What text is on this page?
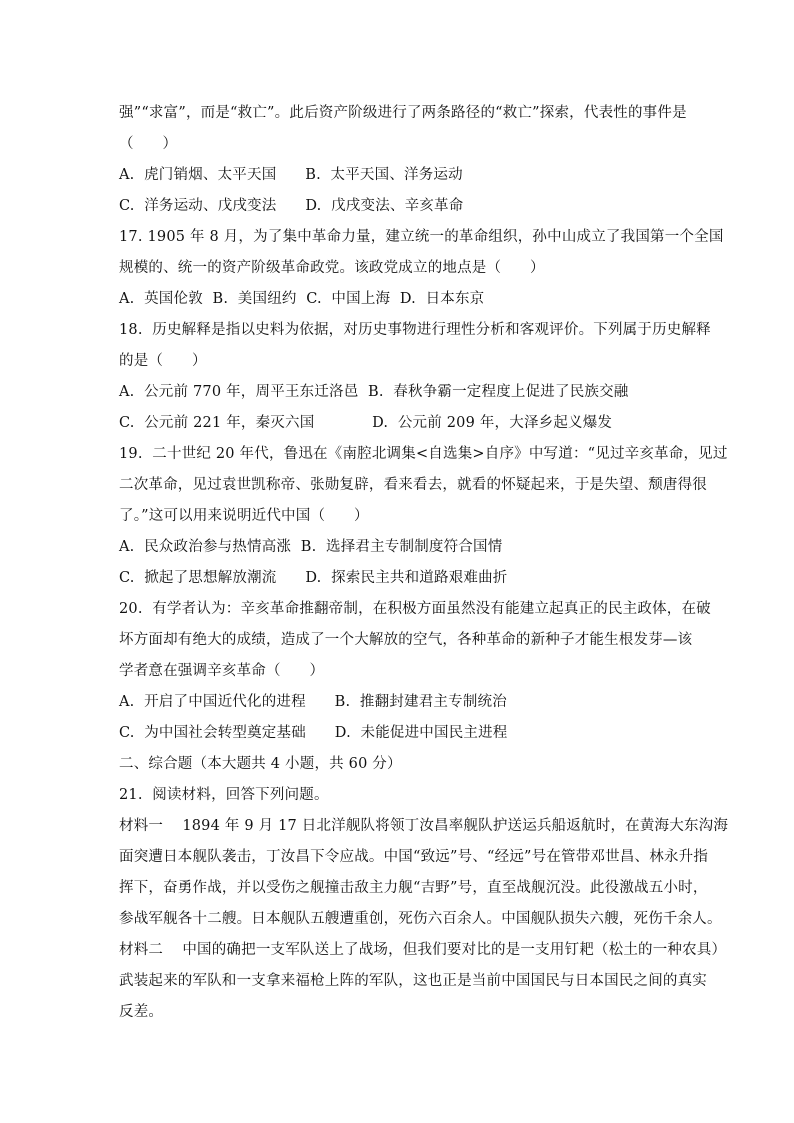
强”“求富”，而是“救亡”。此后资产阶级进行了两条路径的“救亡”探索，代表性的事件是
（      ）
A.  虎门销烟、太平天国      B.  太平天国、洋务运动
C.  洋务运动、戊戌变法      D.  戊戌变法、辛亥革命
17. 1905 年 8 月，为了集中革命力量，建立统一的革命组织，孙中山成立了我国第一个全国
规模的、统一的资产阶级革命政党。该政党成立的地点是（      ）
A.  英国伦敦  B.  美国纽约  C.  中国上海  D.  日本东京
18.  历史解释是指以史料为依据，对历史事物进行理性分析和客观评价。下列属于历史解释
的是（      ）
A.  公元前 770 年，周平王东迁洛邑  B.  春秋争霸一定程度上促进了民族交融
C.  公元前 221 年，秦灭六国            D.  公元前 209 年，大泽乡起义爆发
19.  二十世纪 20 年代，鲁迅在《南腔北调集<自选集>自序》中写道：“见过辛亥革命，见过
二次革命，见过袁世凯称帝、张勋复辟，看来看去，就看的怀疑起来，于是失望、颓唐得很
了。”这可以用来说明近代中国（      ）
A.  民众政治参与热情高涨  B.  选择君主专制制度符合国情
C.  掀起了思想解放潮流      D.  探索民主共和道路艰难曲折
20.  有学者认为：辛亥革命推翻帝制，在积极方面虽然没有能建立起真正的民主政体，在破
坏方面却有绝大的成绩，造成了一个大解放的空气，各种革命的新种子才能生根发芽—该
学者意在强调辛亥革命（      ）
A.  开启了中国近代化的进程      B.  推翻封建君主专制统治
C.  为中国社会转型奠定基础      D.  未能促进中国民主进程
二、综合题（本大题共 4 小题，共 60 分）
21.  阅读材料，回答下列问题。
材料一    1894 年 9 月 17 日北洋舰队将领丁汝昌率舰队护送运兵船返航时，在黄海大东沟海
面突遭日本舰队袭击，丁汝昌下令应战。中国“致远”号、“经远”号在管带邓世昌、林永升指
挥下，奋勇作战，并以受伤之舰撞击敌主力舰“吉野”号，直至战舰沉没。此役激战五小时，
参战军舰各十二艘。日本舰队五艘遭重创，死伤六百余人。中国舰队损失六艘，死伤千余人。
材料二    中国的确把一支军队送上了战场，但我们要对比的是一支用钉耙（松土的一种农具）
武装起来的军队和一支拿来福枪上阵的军队，这也正是当前中国国民与日本国民之间的真实
反差。
